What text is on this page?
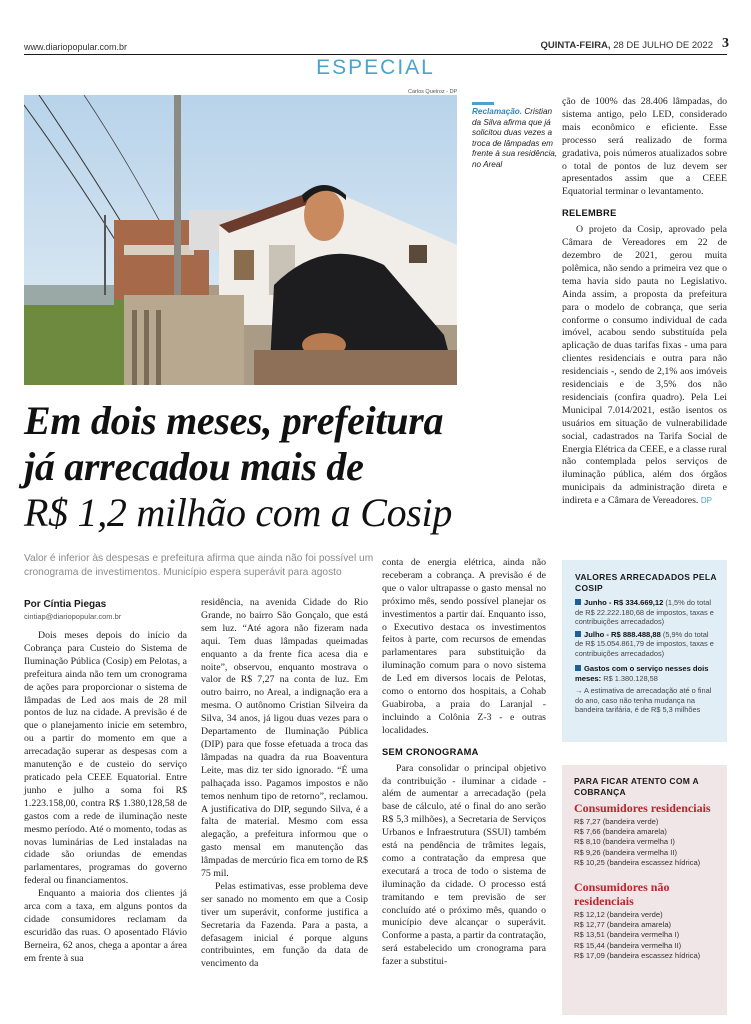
www.diariopopular.com.br	QUINTA-FEIRA, 28 DE JULHO DE 2022 3
ESPECIAL
Carlos Queiroz - DP
Reclamação. Cristian da Silva afirma que já solicitou duas vezes a troca de lâmpadas em frente à sua residência, no Areal
Em dois meses, prefeitura
já arrecadou mais de
R$ 1,2 milhão com a Cosip
Valor é inferior às despesas e prefeitura afirma que ainda não foi possível um cronograma de investimentos. Município espera superávit para agosto
Por Cíntia Piegas
cintiap@diariopopular.com.br

Dois meses depois do início da Cobrança para Custeio do Sistema de Iluminação Pública (Cosip) em Pelotas, a prefeitura ainda não tem um cronograma de ações para proporcionar o sistema de lâmpadas de Led aos mais de 28 mil pontos de luz na cidade. A previsão é de que o planejamento inicie em setembro, ou a partir do momento em que a arrecadação superar as despesas com a manutenção e de custeio do serviço praticado pela CEEE Equatorial. Entre junho e julho a soma foi R$ 1.223.158,00, contra R$ 1.380,128,58 de gastos com a rede de iluminação neste mesmo período. Até o momento, todas as novas luminárias de Led instaladas na cidade são oriundas de emendas parlamentares, programas do governo federal ou financiamentos.

Enquanto a maioria dos clientes já arca com a taxa, em alguns pontos da cidade consumidores reclamam da escuridão das ruas. O aposentado Flávio Berneira, 62 anos, chega a apontar a área em frente à sua

residência, na avenida Cidade do Rio Grande, no bairro São Gonçalo, que está sem luz. “Até agora não fizeram nada aqui. Tem duas lâmpadas queimadas enquanto a da frente fica acesa dia e noite”, observou, enquanto mostrava o valor de R$ 7,27 na conta de luz. Em outro bairro, no Areal, a indignação era a mesma. O autônomo Cristian Silveira da Silva, 34 anos, já ligou duas vezes para o Departamento de Iluminação Pública (DIP) para que fosse efetuada a troca das lâmpadas na quadra da rua Boaventura Leite, mas diz ter sido ignorado. “É uma palhaçada isso. Pagamos impostos e não temos nenhum tipo de retorno”, reclamou. A justificativa do DIP, segundo Silva, é a falta de material. Mesmo com essa alegação, a prefeitura informou que o gasto mensal em manutenção das lâmpadas de mercúrio fica em torno de R$ 75 mil.

Pelas estimativas, esse problema deve ser sanado no momento em que a Cosip tiver um superávit, conforme justifica a Secretaria da Fazenda. Para a pasta, a defasagem inicial é porque alguns contribuintes, em função da data de vencimento da

conta de energia elétrica, ainda não receberam a cobrança. A previsão é de que o valor ultrapasse o gasto mensal no próximo mês, sendo possível planejar os investimentos a partir daí. Enquanto isso, o Executivo destaca os investimentos feitos à parte, com recursos de emendas parlamentares para substituição da iluminação comum para o novo sistema de Led em diversos locais de Pelotas, como o entorno dos hospitais, a Cohab Guabiroba, a praia do Laranjal - incluindo a Colônia Z-3 - e outras localidades.

SEM CRONOGRAMA

Para consolidar o principal objetivo da contribuição - iluminar a cidade - além de aumentar a arrecadação (pela base de cálculo, até o final do ano serão R$ 5,3 milhões), a Secretaria de Serviços Urbanos e Infraestrutura (SSUI) também está na pendência de trâmites legais, como a contratação da empresa que executará a troca de todo o sistema de iluminação da cidade. O processo está tramitando e tem previsão de ser concluído até o próximo mês, quando o município deve alcançar o superávit. Conforme a pasta, a partir da contratação, será estabelecido um cronograma para fazer a substitui-

ção de 100% das 28.406 lâmpadas, do sistema antigo, pelo LED, considerado mais econômico e eficiente. Esse processo será realizado de forma gradativa, pois números atualizados sobre o total de pontos de luz devem ser apresentados assim que a CEEE Equatorial terminar o levantamento.

RELEMBRE

O projeto da Cosip, aprovado pela Câmara de Vereadores em 22 de dezembro de 2021, gerou muita polêmica, não sendo a primeira vez que o tema havia sido pauta no Legislativo. Ainda assim, a proposta da prefeitura para o modelo de cobrança, que seria conforme o consumo individual de cada imóvel, acabou sendo substituída pela aplicação de duas tarifas fixas - uma para clientes residenciais e outra para não residenciais -, sendo de 2,1% aos imóveis residenciais e de 3,5% dos não residenciais (confira quadro). Pela Lei Municipal 7.014/2021, estão isentos os usuários em situação de vulnerabilidade social, cadastrados na Tarifa Social de Energia Elétrica da CEEE, e a classe rural não contemplada pelos serviços de iluminação pública, além dos órgãos municipais da administração direta e indireta e a Câmara de Vereadores. DP

VALORES ARRECADADOS PELA COSIP
Junho - R$ 334.669,12 (1,5% do total de R$ 22.222.180,68 de impostos, taxas e contribuições arrecadados)
Julho - R$ 888.488,88 (5,9% do total de R$ 15.054.861,79 de impostos, taxas e contribuições arrecadados)
Gastos com o serviço nesses dois meses: R$ 1.380.128,58
→ A estimativa de arrecadação até o final do ano, caso não tenha mudança na bandeira tarifária, é de R$ 5,3 milhões
PARA FICAR ATENTO COM A COBRANÇA
Consumidores residenciais
R$ 7,27 (bandeira verde)
R$ 7,66 (bandeira amarela)
R$ 8,10 (bandeira vermelha I)
R$ 9,26 (bandeira vermelha II)
R$ 10,25 (bandeira escassez hídrica)
Consumidores não residenciais
R$ 12,12 (bandeira verde)
R$ 12,77 (bandeira amarela)
R$ 13,51 (bandeira vermelha I)
R$ 15,44 (bandeira vermelha II)
R$ 17,09 (bandeira escassez hídrica)
